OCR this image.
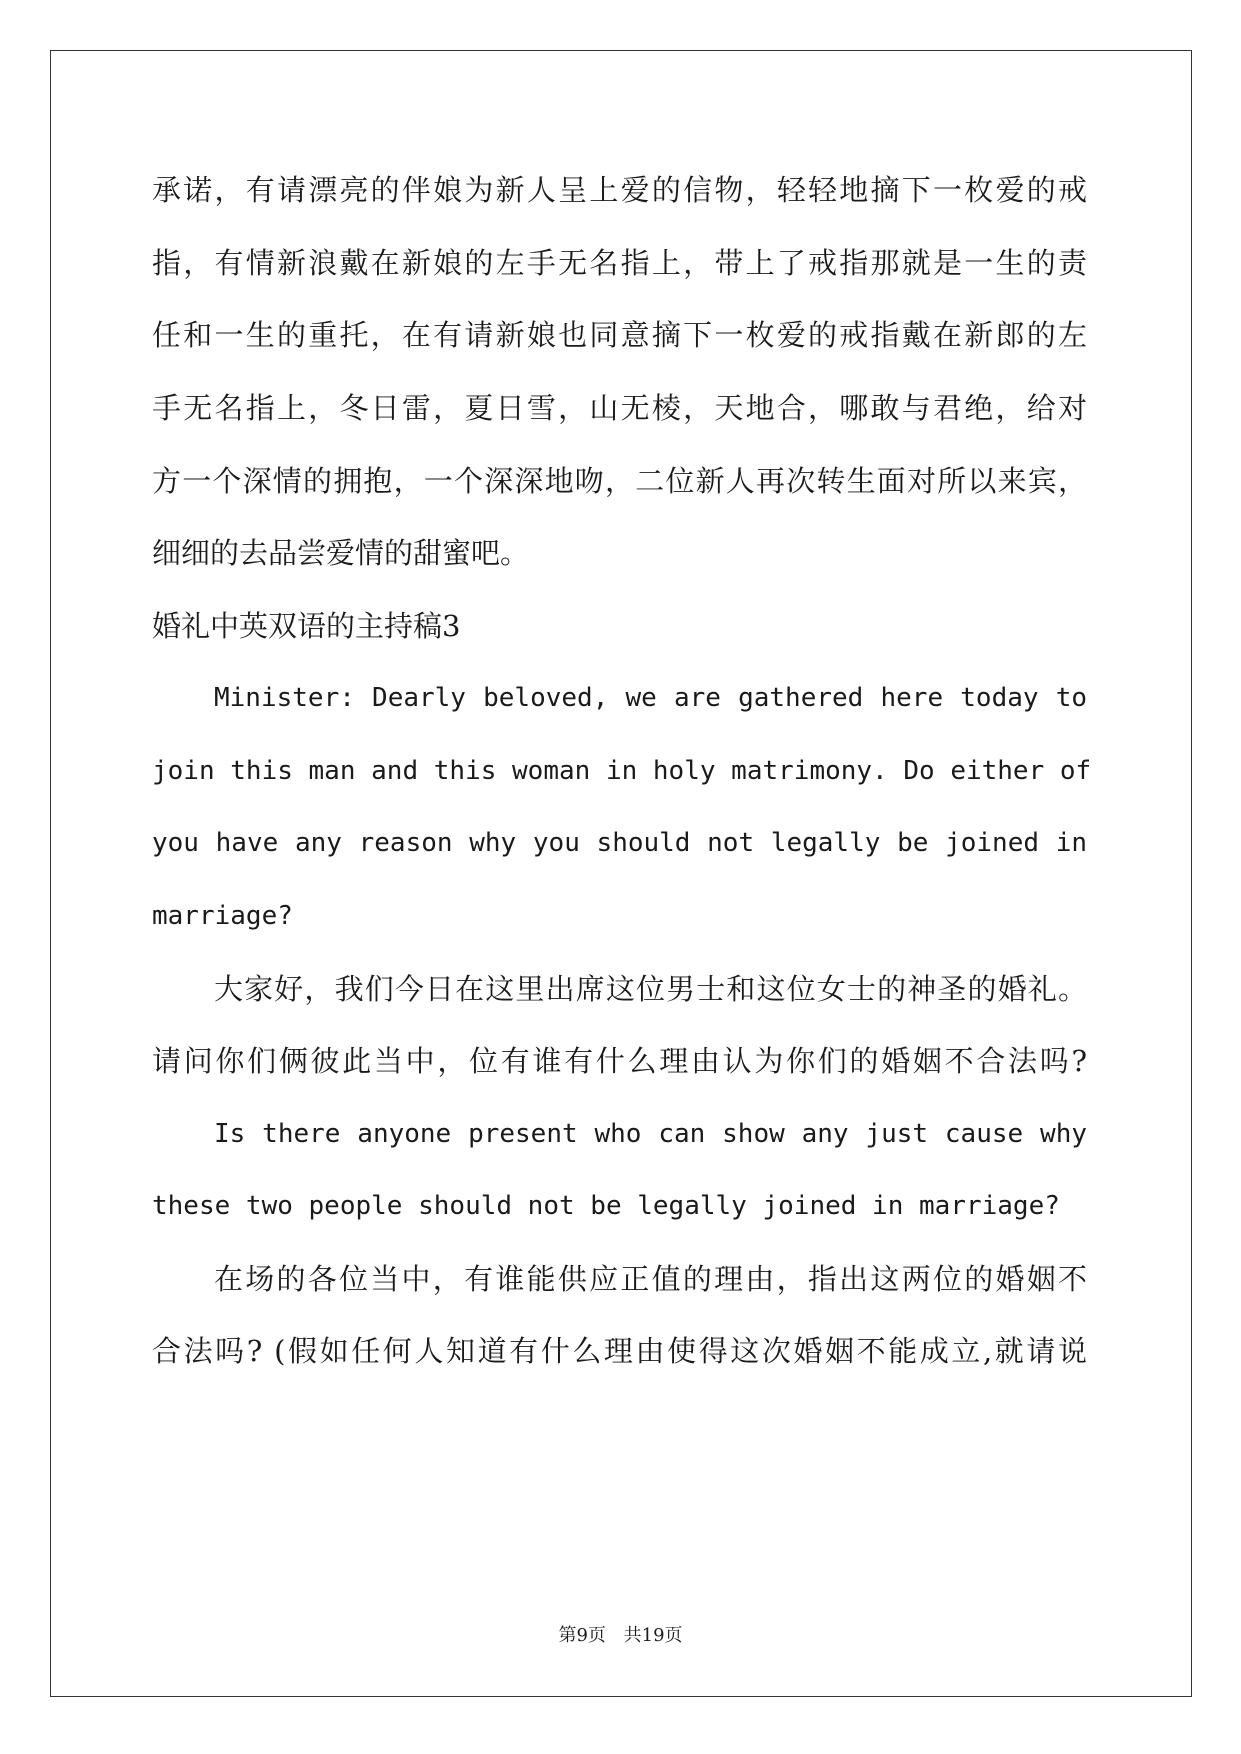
承诺，有请漂亮的伴娘为新人呈上爱的信物，轻轻地摘下一枚爱的戒
指，有情新浪戴在新娘的左手无名指上，带上了戒指那就是一生的责
任和一生的重托，在有请新娘也同意摘下一枚爱的戒指戴在新郎的左
手无名指上，冬日雷，夏日雪，山无棱，天地合，哪敢与君绝，给对
方一个深情的拥抱，一个深深地吻，二位新人再次转生面对所以来宾，
细细的去品尝爱情的甜蜜吧。
婚礼中英双语的主持稿3
Minister: Dearly beloved, we are gathered here today to
join this man and this woman in holy matrimony. Do either of
you have any reason why you should not legally be joined in
marriage?
大家好，我们今日在这里出席这位男士和这位女士的神圣的婚礼。
请问你们俩彼此当中，位有谁有什么理由认为你们的婚姻不合法吗?
Is there anyone present who can show any just cause why
these two people should not be legally joined in marriage?
在场的各位当中，有谁能供应正值的理由，指出这两位的婚姻不
合法吗? (假如任何人知道有什么理由使得这次婚姻不能成立,就请说
第9页 共19页
